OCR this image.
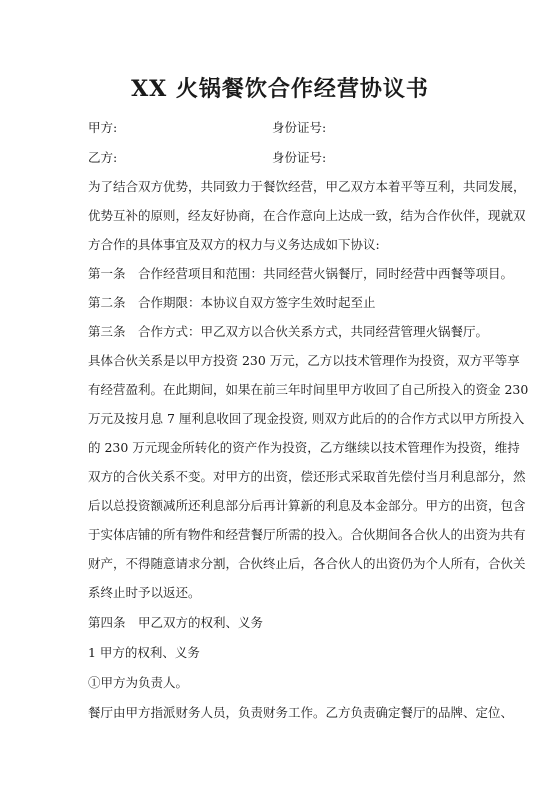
XX 火锅餐饮合作经营协议书
甲方:	身份证号:
乙方:	身份证号:
为了结合双方优势，共同致力于餐饮经营，甲乙双方本着平等互利，共同发展，
优势互补的原则，经友好协商，在合作意向上达成一致，结为合作伙伴，现就双
方合作的具体事宜及双方的权力与义务达成如下协议:
第一条　合作经营项目和范围：共同经营火锅餐厅，同时经营中西餐等项目。
第二条　合作期限：本协议自双方签字生效时起至止
第三条　合作方式：甲乙双方以合伙关系方式，共同经营管理火锅餐厅。
具体合伙关系是以甲方投资 230 万元，乙方以技术管理作为投资，双方平等享
有经营盈利。在此期间，如果在前三年时间里甲方收回了自己所投入的资金 230
万元及按月息 7 厘利息收回了现金投资, 则双方此后的的合作方式以甲方所投入
的 230 万元现金所转化的资产作为投资，乙方继续以技术管理作为投资，维持
双方的合伙关系不变。对甲方的出资，偿还形式采取首先偿付当月利息部分，然
后以总投资额减所还利息部分后再计算新的利息及本金部分。甲方的出资，包含
于实体店铺的所有物件和经营餐厅所需的投入。合伙期间各合伙人的出资为共有
财产，不得随意请求分割，合伙终止后，各合伙人的出资仍为个人所有，合伙关
系终止时予以返还。
第四条　甲乙双方的权利、义务
1 甲方的权利、义务
①甲方为负责人。
餐厅由甲方指派财务人员，负责财务工作。乙方负责确定餐厅的品牌、定位、
